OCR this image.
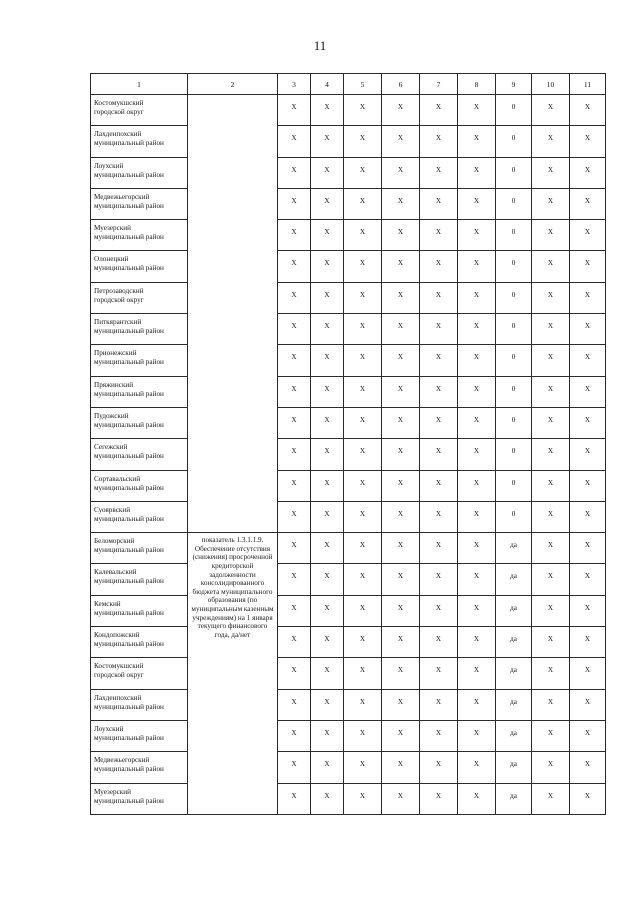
11
1	2	3	4	5	6	7	8	9	10	11

Костомукшский
городской округ		X	X	X	X	X	X	0	X	X

Лахденпохский
муниципальный район		X	X	X	X	X	X	0	X	X

Лоухский
муниципальный район		X	X	X	X	X	X	0	X	X

Медвежьегорский
муниципальный район		X	X	X	X	X	X	0	X	X

Муезерский
муниципальный район		X	X	X	X	X	X	0	X	X

Олонецкий
муниципальный район		X	X	X	X	X	X	0	X	X

Петрозаводский
городской округ		X	X	X	X	X	X	0	X	X

Питкярантский
муниципальный район		X	X	X	X	X	X	0	X	X

Прионежский
муниципальный район		X	X	X	X	X	X	0	X	X

Пряжинский
муниципальный район		X	X	X	X	X	X	0	X	X

Пудожский
муниципальный район		X	X	X	X	X	X	0	X	X

Сегежский
муниципальный район		X	X	X	X	X	X	0	X	X

Сортавальский
муниципальный район		X	X	X	X	X	X	0	X	X

Суоярвский
муниципальный район		X	X	X	X	X	X	0	X	X

Беломорский
муниципальный район	показатель 1.3.1.1.9. Обеспечение отсутствия (снижения) просроченной кредиторской задолженности консолидированного бюджета муниципального образования (по муниципальным казенным учреждениям) на 1 января текущего финансового года, да/нет	X	X	X	X	X	X	да	X	X

Калевальский
муниципальный район		X	X	X	X	X	X	да	X	X

Кемский
муниципальный район		X	X	X	X	X	X	да	X	X

Кондопожский
муниципальный район		X	X	X	X	X	X	да	X	X

Костомукшский
городской округ		X	X	X	X	X	X	да	X	X

Лахденпохский
муниципальный район		X	X	X	X	X	X	да	X	X

Лоухский
муниципальный район		X	X	X	X	X	X	да	X	X

Медвежьегорский
муниципальный район		X	X	X	X	X	X	да	X	X

Муезерский
муниципальный район		X	X	X	X	X	X	да	X	X
